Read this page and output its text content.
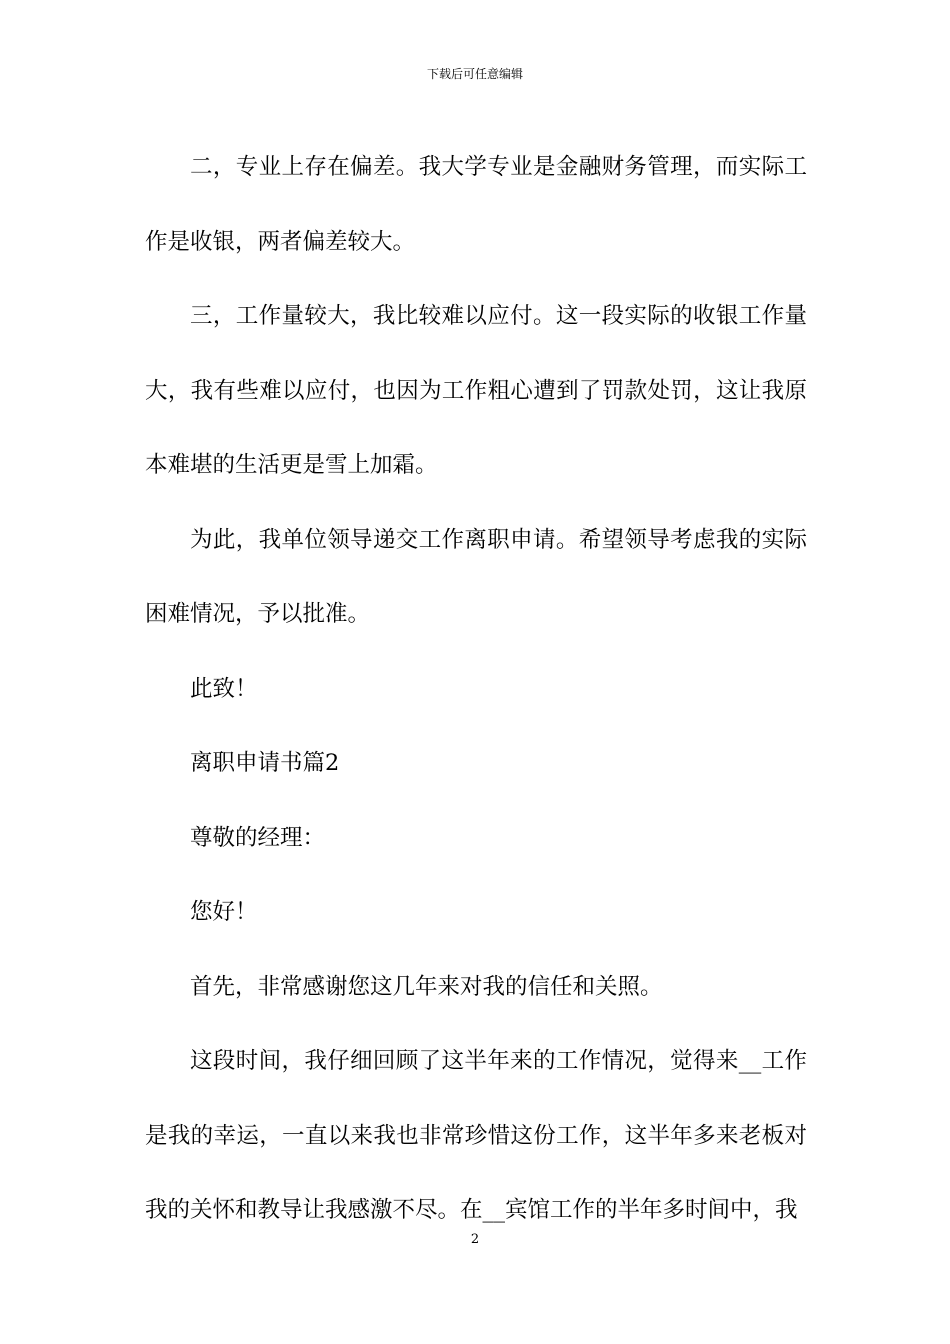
下载后可任意编辑

二，专业上存在偏差。我大学专业是金融财务管理，而实际工作是收银，两者偏差较大。

三，工作量较大，我比较难以应付。这一段实际的收银工作量大，我有些难以应付，也因为工作粗心遭到了罚款处罚，这让我原本难堪的生活更是雪上加霜。

为此，我单位领导递交工作离职申请。希望领导考虑我的实际困难情况，予以批准。

此致！

离职申请书篇2

尊敬的经理：

您好！

首先，非常感谢您这几年来对我的信任和关照。

这段时间，我仔细回顾了这半年来的工作情况，觉得来__工作是我的幸运，一直以来我也非常珍惜这份工作，这半年多来老板对我的关怀和教导让我感激不尽。在__宾馆工作的半年多时间中，我

2
